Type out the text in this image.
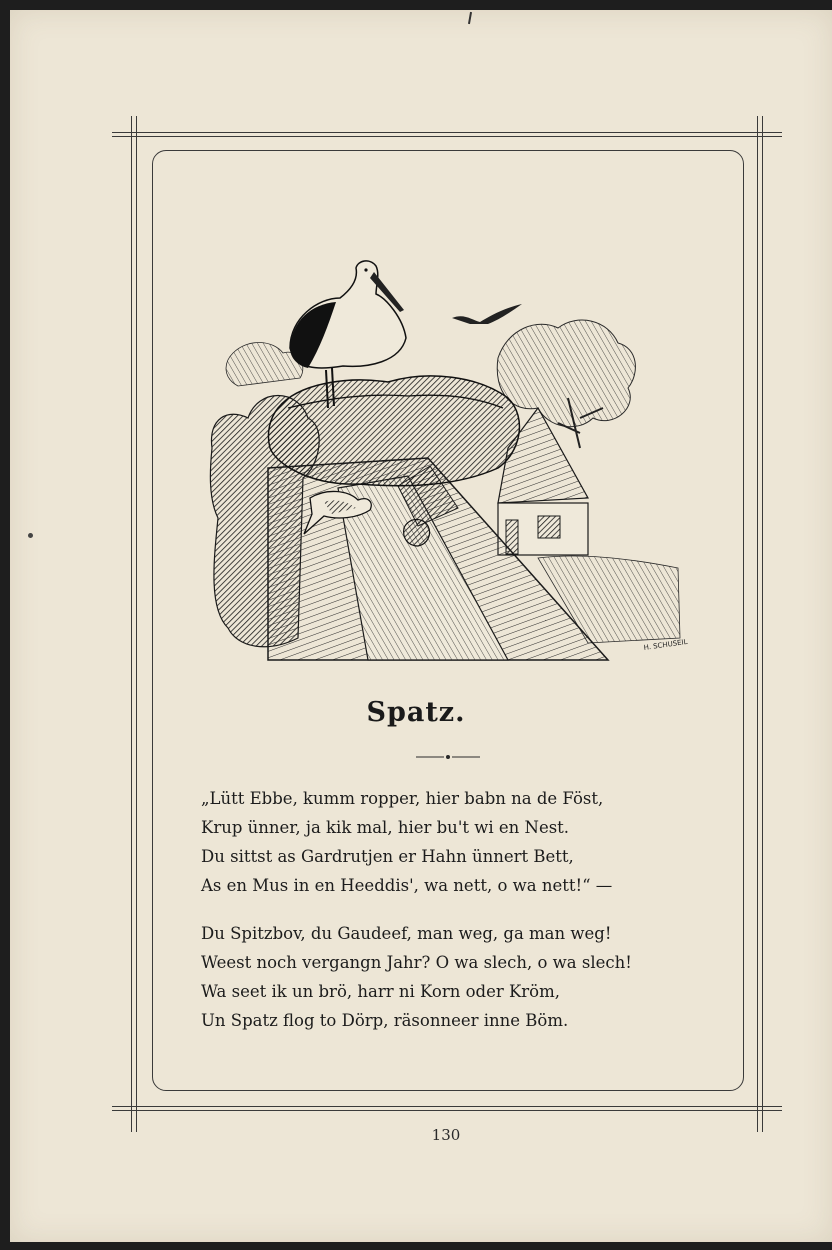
H. SCHUSEIL
Spatz.
„Lütt Ebbe, kumm ropper, hier babn na de Föst,
Krup ünner, ja kik mal, hier bu't wi en Nest.
Du sittst as Gardrutjen er Hahn ünnert Bett,
As en Mus in en Heeddis', wa nett, o wa nett!“ —
Du Spitzbov, du Gaudeef, man weg, ga man weg!
Weest noch vergangn Jahr? O wa slech, o wa slech!
Wa seet ik un brö, harr ni Korn oder Kröm,
Un Spatz flog to Dörp, räsonneer inne Böm.
130
